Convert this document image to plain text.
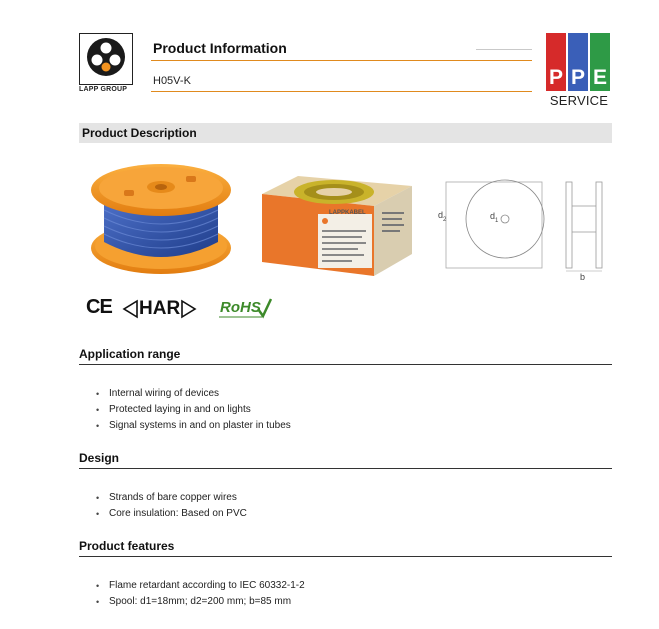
LAPP GROUP
Product Information
H05V-K	P P E
SERVICE
Product Description
LAPPKABEL	$d_2$	$d_1$
b
CE HAR	RoHS
Application range
• Internal wiring of devices
• Protected laying in and on lights
• Signal systems in and on plaster in tubes
Design
• Strands of bare copper wires
• Core insulation: Based on PVC
Product features
• Flame retardant according to IEC 60332-1-2
• Spool: d1=18mm; d2=200 mm; b=85 mm
